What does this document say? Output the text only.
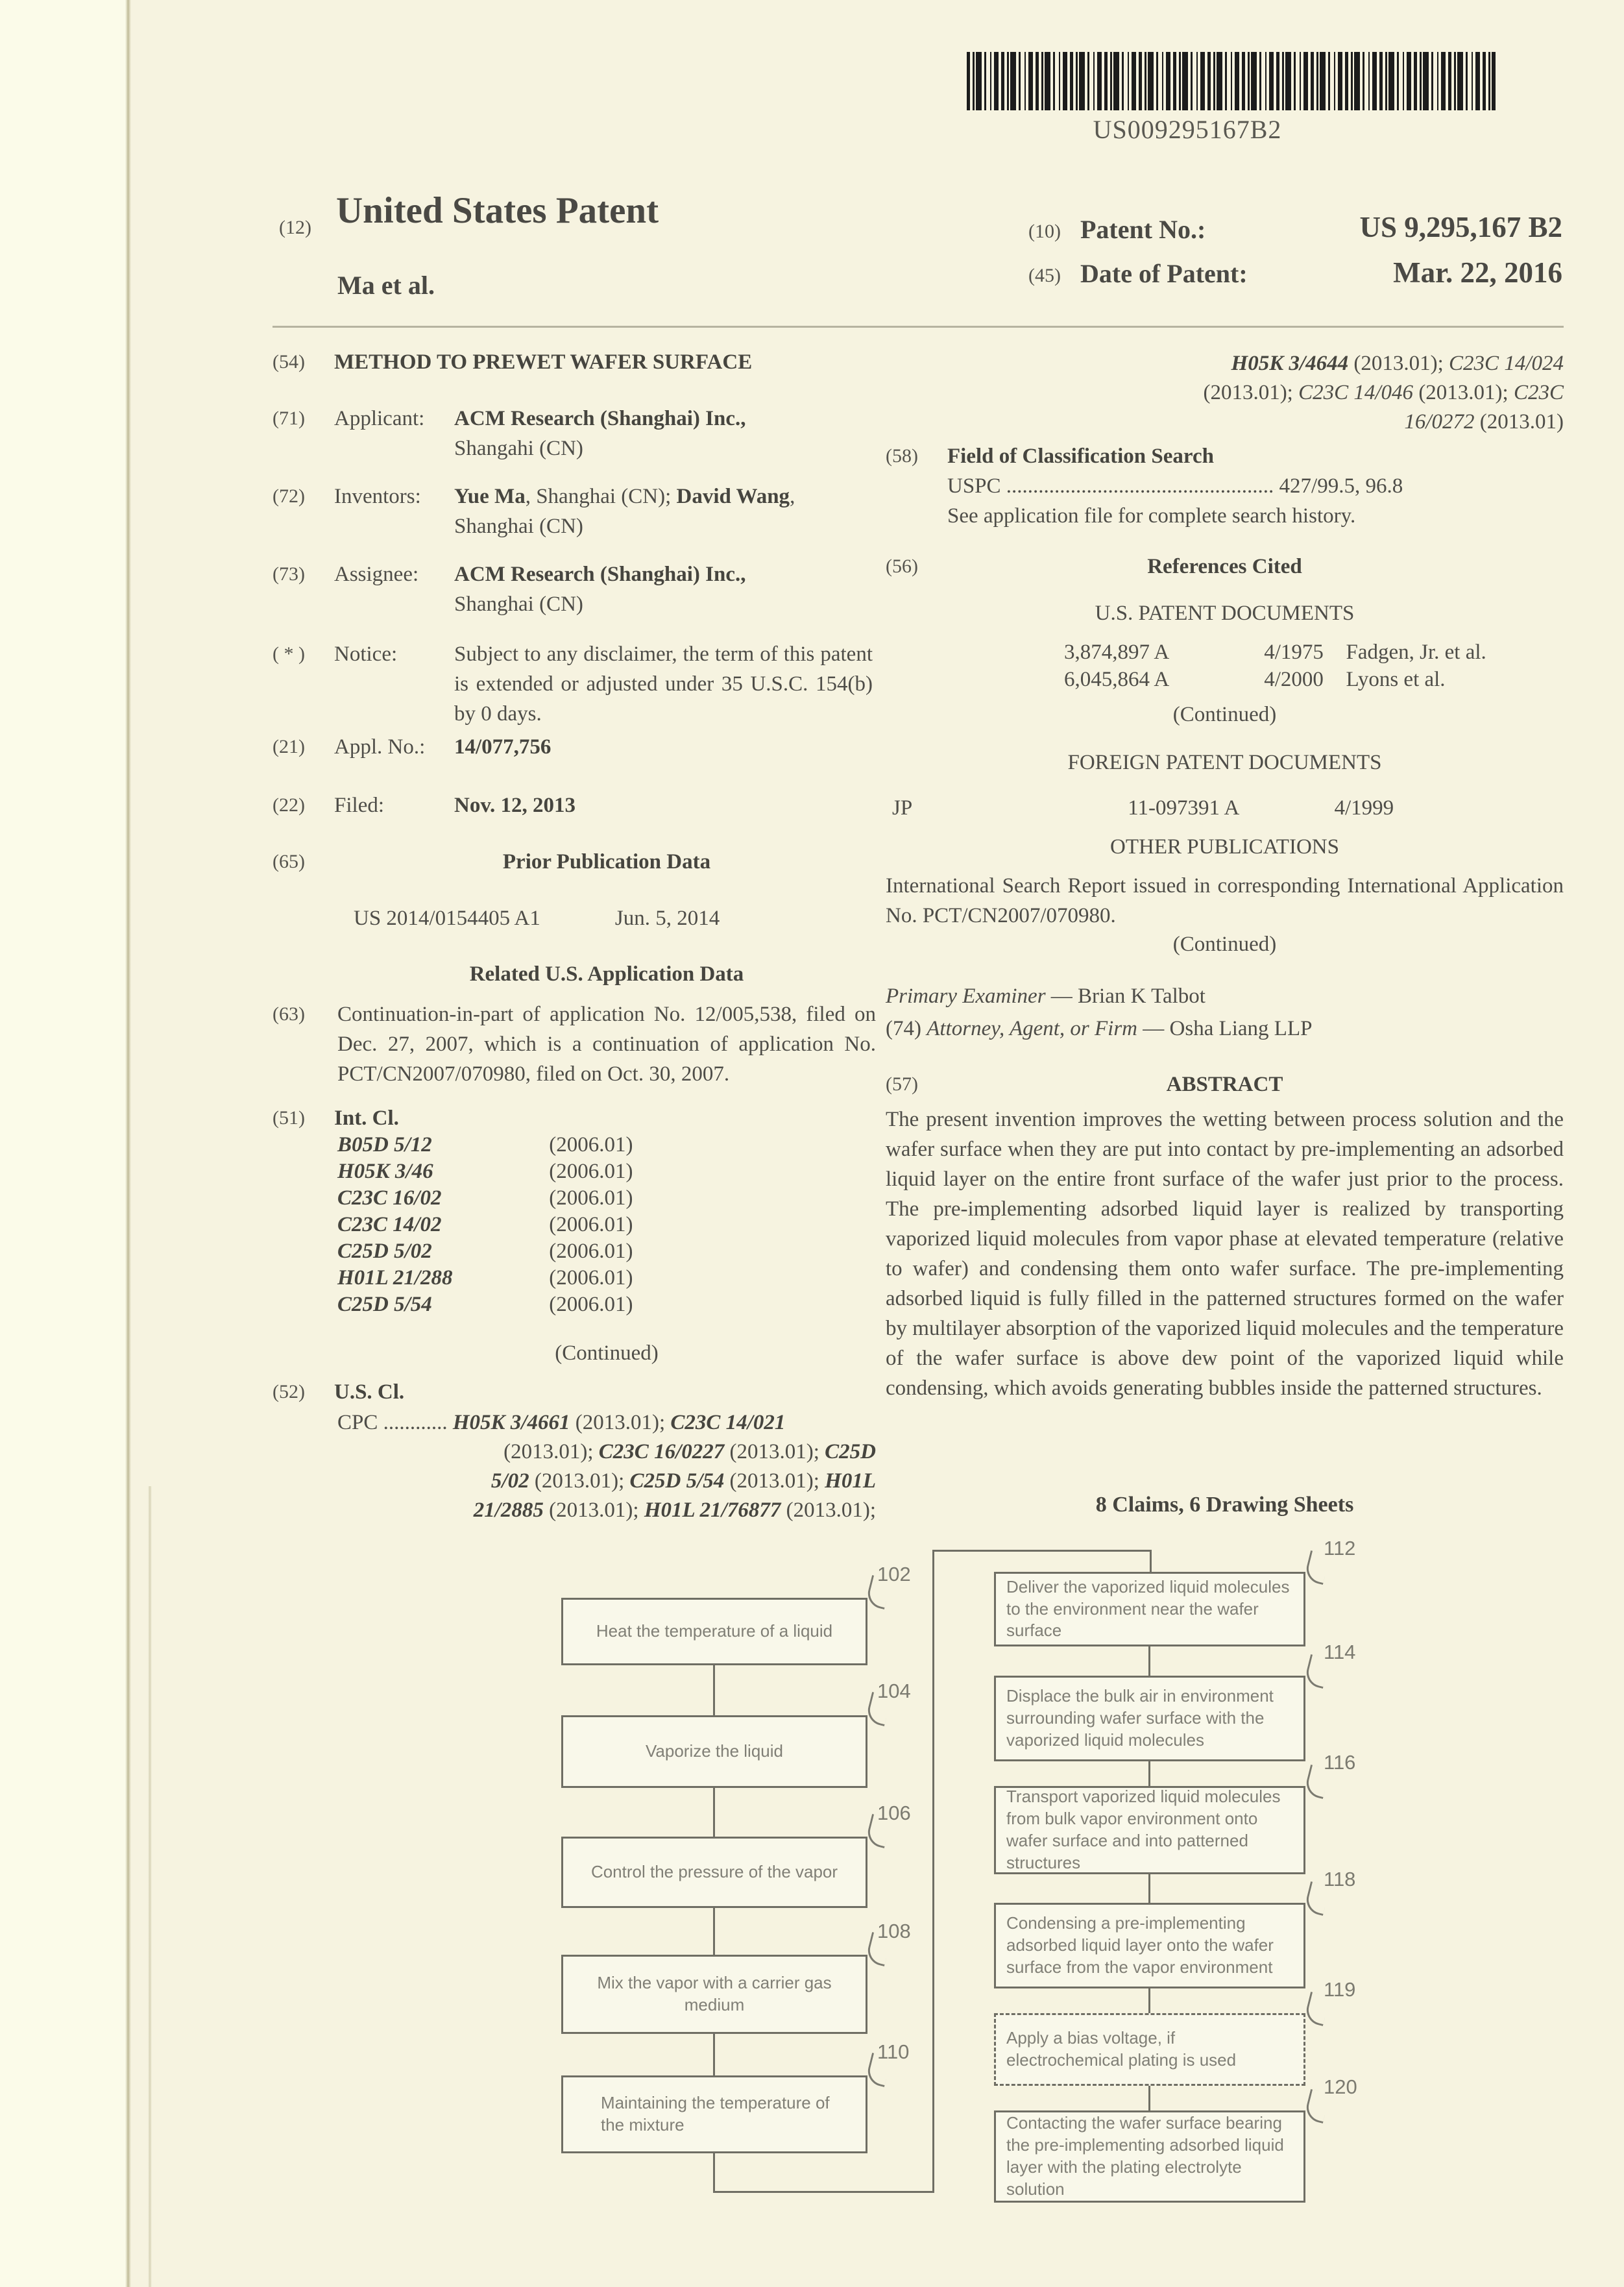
US009295167B2
(12) United States Patent
Ma et al.
(10) Patent No.:	US 9,295,167 B2
(45) Date of Patent:	Mar. 22, 2016
(54) METHOD TO PREWET WAFER SURFACE
(71) Applicant: ACM Research (Shanghai) Inc.,
Shangahi (CN)
(72) Inventors: Yue Ma, Shanghai (CN); David Wang,
Shanghai (CN)
(73) Assignee: ACM Research (Shanghai) Inc.,
Shanghai (CN)
( * ) Notice:	Subject to any disclaimer, the term of this patent is extended or adjusted under 35 U.S.C. 154(b) by 0 days.
(21) Appl. No.: 14/077,756
(22) Filed:	Nov. 12, 2013
(65)	Prior Publication Data
US 2014/0154405 A1	Jun. 5, 2014
Related U.S. Application Data
(63) Continuation-in-part of application No. 12/005,538, filed on Dec. 27, 2007, which is a continuation of application No. PCT/CN2007/070980, filed on Oct. 30, 2007.
(51) Int. Cl.
B05D 5/12	(2006.01)
H05K 3/46	(2006.01)
C23C 16/02	(2006.01)
C23C 14/02	(2006.01)
C25D 5/02	(2006.01)
H01L 21/288	(2006.01)
C25D 5/54	(2006.01)
(Continued)
(52) U.S. Cl.
CPC ............ H05K 3/4661 (2013.01); C23C 14/021
(2013.01); C23C 16/0227 (2013.01); C25D
5/02 (2013.01); C25D 5/54 (2013.01); H01L
21/2885 (2013.01); H01L 21/76877 (2013.01);
H05K 3/4644 (2013.01); C23C 14/024
(2013.01); C23C 14/046 (2013.01); C23C
16/0272 (2013.01)
(58) Field of Classification Search
USPC .................................................. 427/99.5, 96.8
See application file for complete search history.
(56)	References Cited
U.S. PATENT DOCUMENTS
3,874,897 A	4/1975 Fadgen, Jr. et al.
6,045,864 A	4/2000 Lyons et al.
(Continued)
FOREIGN PATENT DOCUMENTS
JP	11-097391 A	4/1999
OTHER PUBLICATIONS
International Search Report issued in corresponding International Application No. PCT/CN2007/070980.
(Continued)
Primary Examiner — Brian K Talbot
(74) Attorney, Agent, or Firm — Osha Liang LLP
(57)	ABSTRACT
The present invention improves the wetting between process solution and the wafer surface when they are put into contact by pre-implementing an adsorbed liquid layer on the entire front surface of the wafer just prior to the process. The pre-implementing adsorbed liquid layer is realized by transporting vaporized liquid molecules from vapor phase at elevated temperature (relative to wafer) and condensing them onto wafer surface. The pre-implementing adsorbed liquid is fully filled in the patterned structures formed on the wafer by multilayer absorption of the vaporized liquid molecules and the temperature of the wafer surface is above dew point of the vaporized liquid while condensing, which avoids generating bubbles inside the patterned structures.
8 Claims, 6 Drawing Sheets
Heat the temperature of a liquid
Vaporize the liquid
Control the pressure of the vapor
Mix the vapor with a carrier gas medium
Maintaining the temperature of the mixture
Deliver the vaporized liquid molecules to the environment near the wafer surface
Displace the bulk air in environment surrounding wafer surface with the vaporized liquid molecules
Transport vaporized liquid molecules from bulk vapor environment onto wafer surface and into patterned structures
Condensing a pre-implementing adsorbed liquid layer onto the wafer surface from the vapor environment
Apply a bias voltage, if electrochemical plating is used
Contacting the wafer surface bearing the pre-implementing adsorbed liquid layer with the plating electrolyte solution
102
104
106
108
110
112
114
116
118
119
120
